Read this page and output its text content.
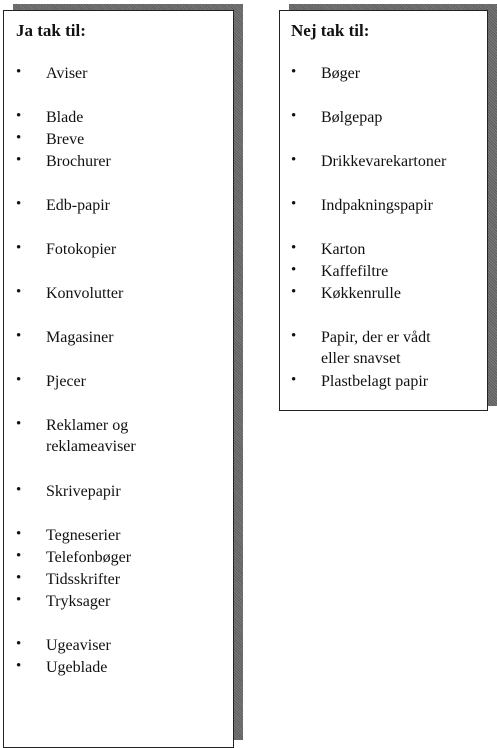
Ja tak til:
• Aviser
• Blade
• Breve
• Brochurer
• Edb-papir
• Fotokopier
• Konvolutter
• Magasiner
• Pjecer
• Reklamer og
reklameaviser
• Skrivepapir
• Tegneserier
• Telefonbøger
• Tidsskrifter
• Tryksager
• Ugeaviser
• Ugeblade
Nej tak til:
• Bøger
• Bølgepap
• Drikkevarekartoner
• Indpakningspapir
• Karton
• Kaffefiltre
• Køkkenrulle
• Papir, der er vådt
eller snavset
• Plastbelagt papir
